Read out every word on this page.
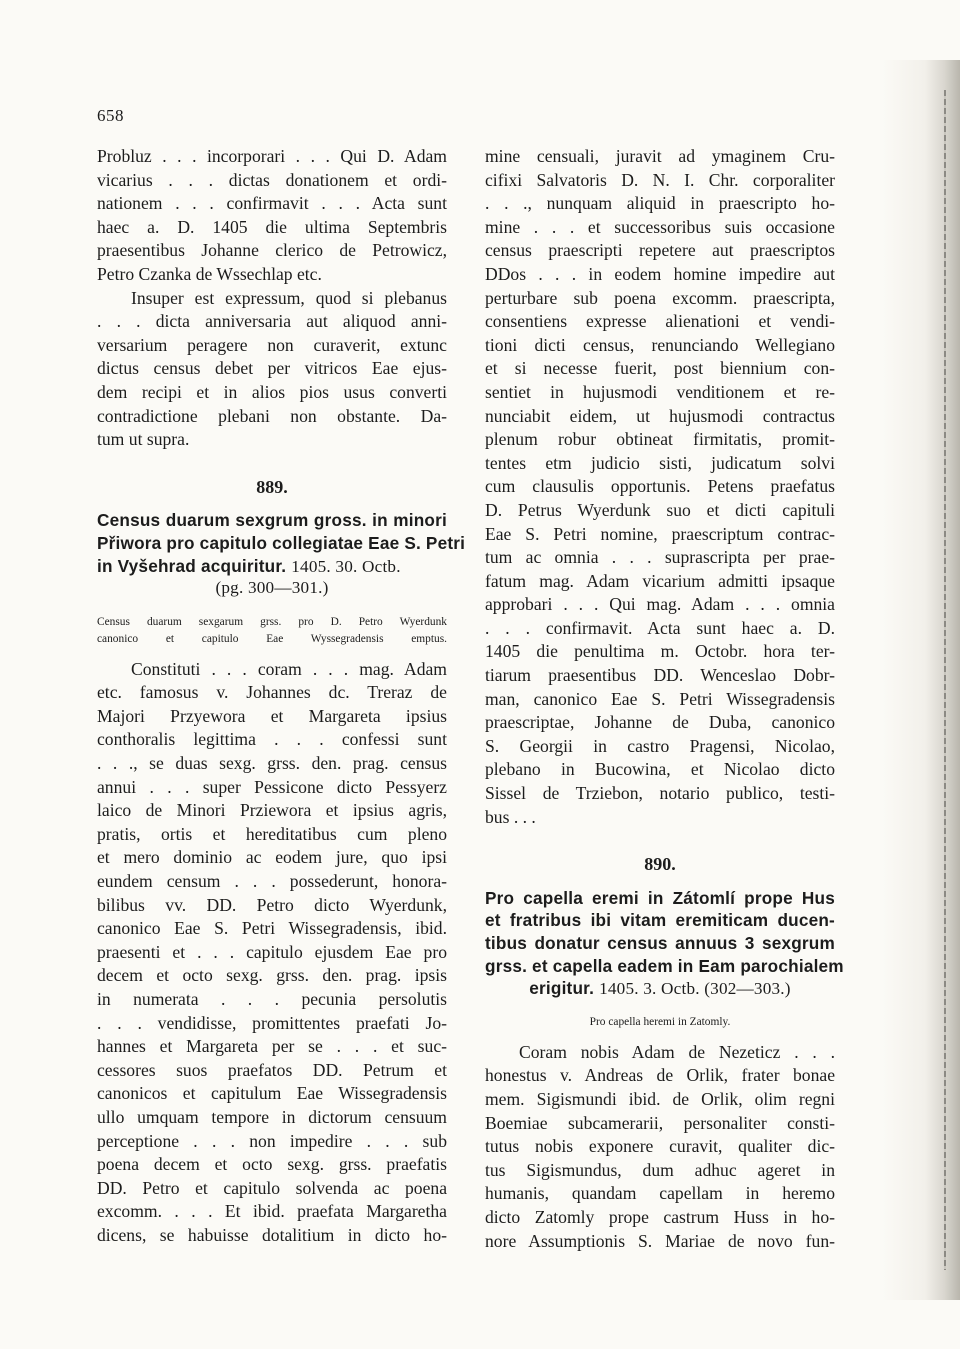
658
Probluz . . . incorporari . . . Qui D. Adam
vicarius . . . dictas donationem et ordi-
nationem . . . confirmavit . . . Acta sunt
haec a. D. 1405 die ultima Septembris
praesentibus Johanne clerico de Petrowicz,
Petro Czanka de Wssechlap etc.
Insuper est expressum, quod si plebanus
. . . dicta anniversaria aut aliquod anni-
versarium peragere non curaverit, extunc
dictus census debet per vitricos Eae ejus-
dem recipi et in alios pios usus converti
contradictione plebani non obstante. Da-
tum ut supra.
889.
Census duarum sexgrum gross. in minori
Přiwora pro capitulo collegiatae Eae S. Petri
in Vyšehrad acquiritur. 1405. 30. Octb.
(pg. 300—301.)
Census duarum sexgarum grss. pro D. Petro Wyerdunk
canonico et capitulo Eae Wyssegradensis emptus.
Constituti . . . coram . . . mag. Adam
etc. famosus v. Johannes dc. Treraz de
Majori Przyewora et Margareta ipsius
conthoralis legittima . . . confessi sunt
. . ., se duas sexg. grss. den. prag. census
annui . . . super Pessicone dicto Pessyerz
laico de Minori Prziewora et ipsius agris,
pratis, ortis et hereditatibus cum pleno
et mero dominio ac eodem jure, quo ipsi
eundem censum . . . possederunt, honora-
bilibus vv. DD. Petro dicto Wyerdunk,
canonico Eae S. Petri Wissegradensis, ibid.
praesenti et . . . capitulo ejusdem Eae pro
decem et octo sexg. grss. den. prag. ipsis
in numerata . . . pecunia persolutis
. . . vendidisse, promittentes praefati Jo-
hannes et Margareta per se . . . et suc-
cessores suos praefatos DD. Petrum et
canonicos et capitulum Eae Wissegradensis
ullo umquam tempore in dictorum censuum
perceptione . . . non impedire . . . sub
poena decem et octo sexg. grss. praefatis
DD. Petro et capitulo solvenda ac poena
excomm. . . . Et ibid. praefata Margaretha
dicens, se habuisse dotalitium in dicto ho-
mine censuali, juravit ad ymaginem Cru-
cifixi Salvatoris D. N. I. Chr. corporaliter
. . ., nunquam aliquid in praescripto ho-
mine . . . et successoribus suis occasione
census praescripti repetere aut praescriptos
DDos . . . in eodem homine impedire aut
perturbare sub poena excomm. praescripta,
consentiens expresse alienationi et vendi-
tioni dicti census, renunciando Wellegiano
et si necesse fuerit, post biennium con-
sentiet in hujusmodi venditionem et re-
nunciabit eidem, ut hujusmodi contractus
plenum robur obtineat firmitatis, promit-
tentes etm judicio sisti, judicatum solvi
cum clausulis opportunis. Petens praefatus
D. Petrus Wyerdunk suo et dicti capituli
Eae S. Petri nomine, praescriptum contrac-
tum ac omnia . . . suprascripta per prae-
fatum mag. Adam vicarium admitti ipsaque
approbari . . . Qui mag. Adam . . . omnia
. . . confirmavit. Acta sunt haec a. D.
1405 die penultima m. Octobr. hora ter-
tiarum praesentibus DD. Wenceslao Dobr-
man, canonico Eae S. Petri Wissegradensis
praescriptae, Johanne de Duba, canonico
S. Georgii in castro Pragensi, Nicolao,
plebano in Bucowina, et Nicolao dicto
Sissel de Trziebon, notario publico, testi-
bus . . .
890.
Pro capella eremi in Zátomlí prope Hus
et fratribus ibi vitam eremiticam ducen-
tibus donatur census annuus 3 sexgrum
grss. et capella eadem in Eam parochialem
erigitur. 1405. 3. Octb. (302—303.)
Pro capella heremi in Zatomly.
Coram nobis Adam de Nezeticz . . .
honestus v. Andreas de Orlik, frater bonae
mem. Sigismundi ibid. de Orlik, olim regni
Boemiae subcamerarii, personaliter consti-
tutus nobis exponere curavit, qualiter dic-
tus Sigismundus, dum adhuc ageret in
humanis, quandam capellam in heremo
dicto Zatomly prope castrum Huss in ho-
nore Assumptionis S. Mariae de novo fun-
